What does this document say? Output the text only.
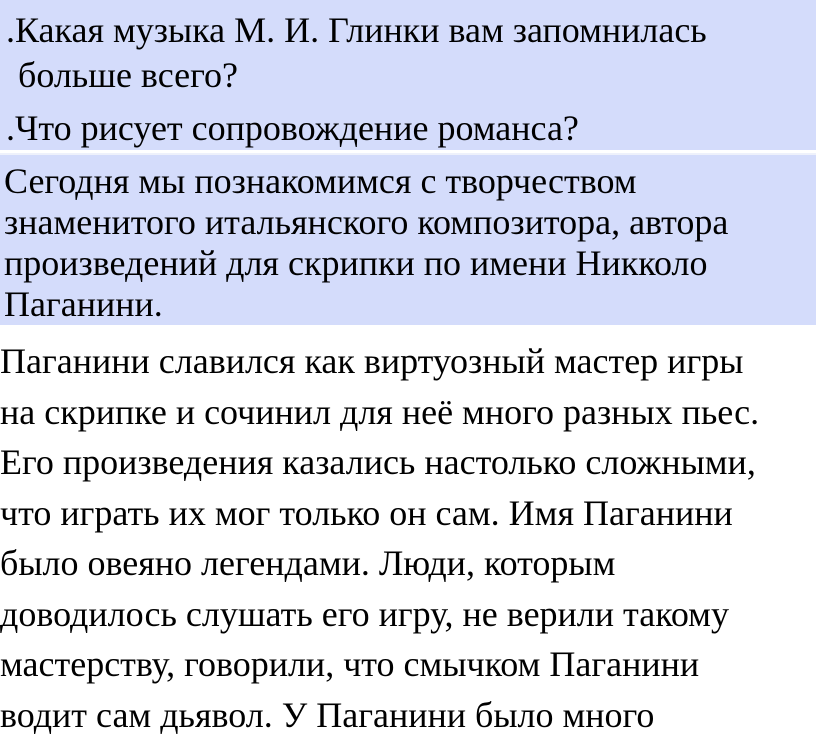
.Какая музыка М. И. Глинки вам запомнилась
больше всего?
.Что рисует сопровождение романса?
Сегодня мы познакомимся с творчеством
знаменитого итальянского композитора, автора
произведений для скрипки по имени Никколо
Паганини.
Паганини славился как виртуозный мастер игры
на скрипке и сочинил для неё много разных пьес.
Его произведения казались настолько сложными,
что играть их мог только он сам. Имя Паганини
было овеяно легендами. Люди, которым
доводилось слушать его игру, не верили такому
мастерству, говорили, что смычком Паганини
водит сам дьявол. У Паганини было много
